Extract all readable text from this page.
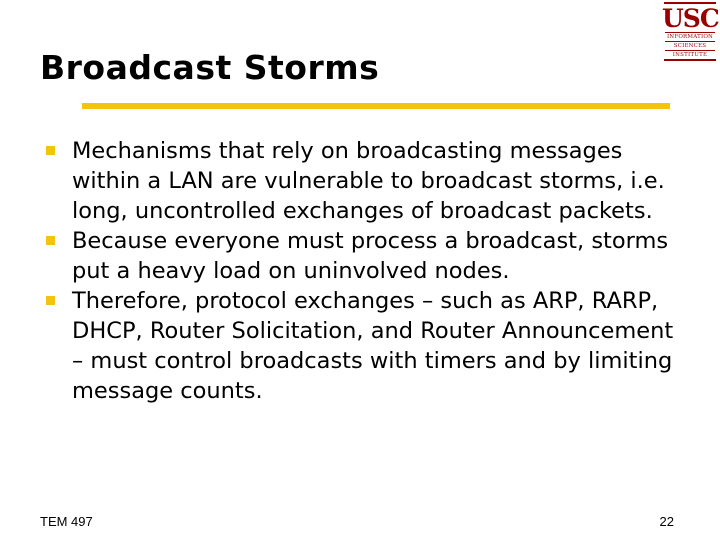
USC
INFORMATION
SCIENCES
INSTITUTE
Broadcast Storms
Mechanisms that rely on broadcasting messages within a LAN are vulnerable to broadcast storms, i.e. long, uncontrolled exchanges of broadcast packets.
Because everyone must process a broadcast, storms put a heavy load on uninvolved nodes.
Therefore, protocol exchanges – such as ARP, RARP, DHCP, Router Solicitation, and Router Announcement – must control broadcasts with timers and by limiting message counts.
TEM 497	22
